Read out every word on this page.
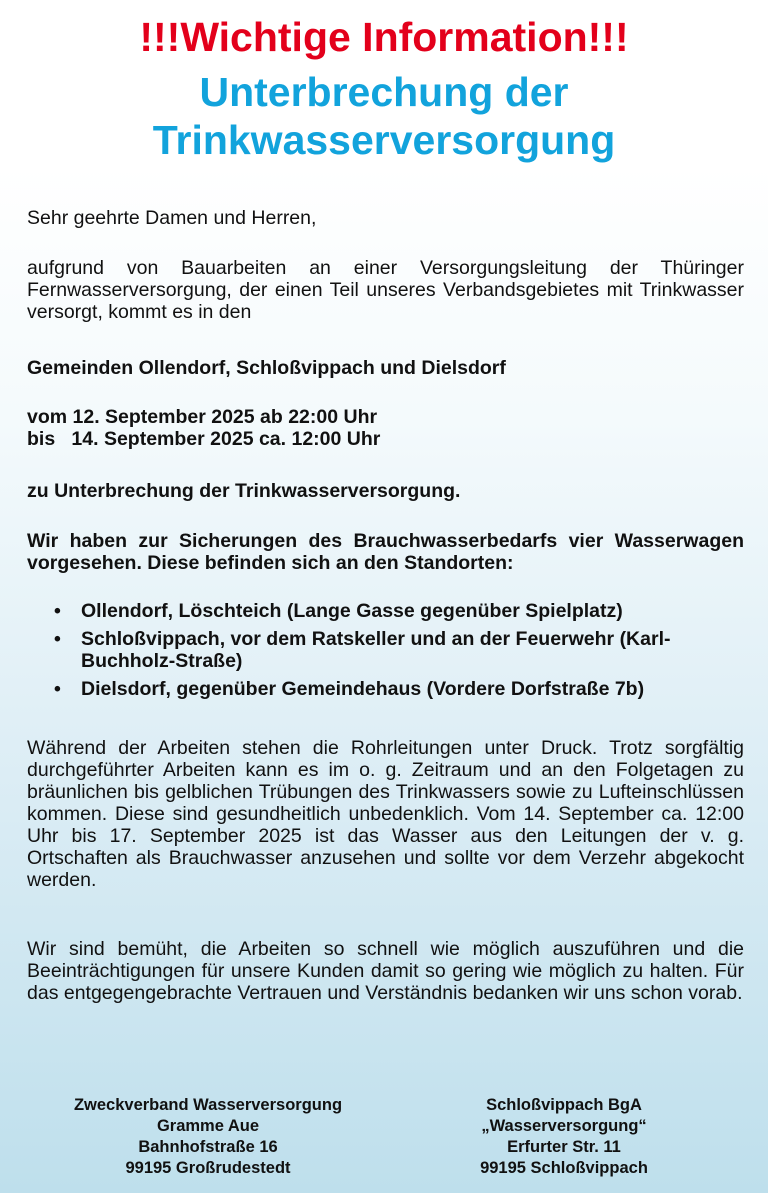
!!!Wichtige Information!!!
Unterbrechung der
Trinkwasserversorgung

Sehr geehrte Damen und Herren,

aufgrund von Bauarbeiten an einer Versorgungsleitung der Thüringer Fernwasserversorgung, der einen Teil unseres Verbandsgebietes mit Trinkwasser versorgt, kommt es in den

Gemeinden Ollendorf, Schloßvippach und Dielsdorf

vom 12. September 2025 ab 22:00 Uhr
bis   14. September 2025 ca. 12:00 Uhr

zu Unterbrechung der Trinkwasserversorgung.

Wir haben zur Sicherungen des Brauchwasserbedarfs vier Wasserwagen vorgesehen. Diese befinden sich an den Standorten:

• Ollendorf, Löschteich (Lange Gasse gegenüber Spielplatz)
• Schloßvippach, vor dem Ratskeller und an der Feuerwehr (Karl-Buchholz-Straße)
• Dielsdorf, gegenüber Gemeindehaus (Vordere Dorfstraße 7b)

Während der Arbeiten stehen die Rohrleitungen unter Druck. Trotz sorgfältig durchgeführter Arbeiten kann es im o. g. Zeitraum und an den Folgetagen zu bräunlichen bis gelblichen Trübungen des Trinkwassers sowie zu Lufteinschlüssen kommen. Diese sind gesundheitlich unbedenklich. Vom 14. September ca. 12:00 Uhr bis 17. September 2025 ist das Wasser aus den Leitungen der v. g. Ortschaften als Brauchwasser anzusehen und sollte vor dem Verzehr abgekocht werden.

Wir sind bemüht, die Arbeiten so schnell wie möglich auszuführen und die Beeinträchtigungen für unsere Kunden damit so gering wie möglich zu halten. Für das entgegengebrachte Vertrauen und Verständnis bedanken wir uns schon vorab.

Zweckverband Wasserversorgung
Gramme Aue
Bahnhofstraße 16
99195 Großrudestedt
Schloßvippach BgA
„Wasserversorgung“
Erfurter Str. 11
99195 Schloßvippach
